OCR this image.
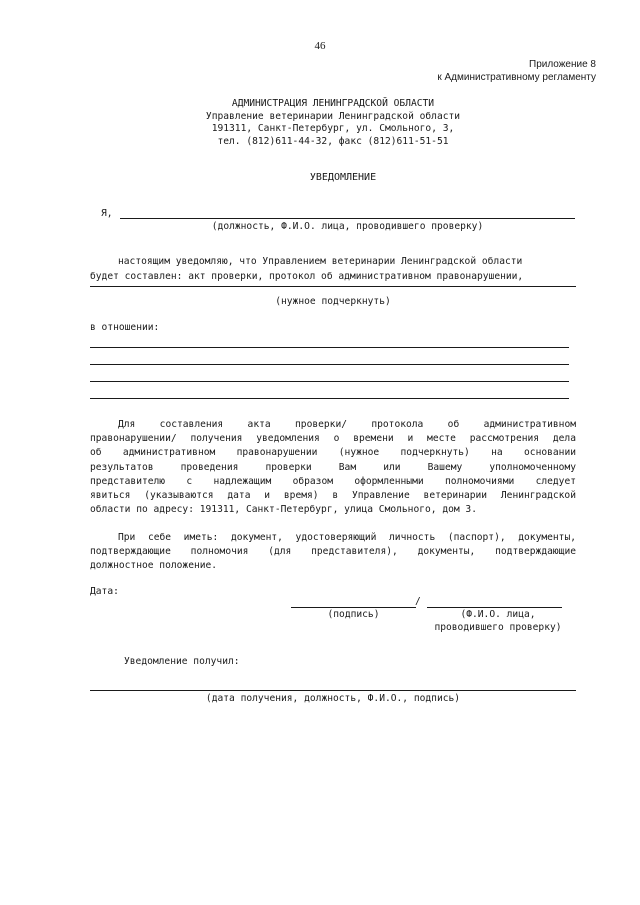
46
Приложение 8
к Административному регламенту
АДМИНИСТРАЦИЯ ЛЕНИНГРАДСКОЙ ОБЛАСТИ
Управление ветеринарии Ленинградской области
191311, Санкт-Петербург, ул. Смольного, 3,
тел. (812)611-44-32, факс (812)611-51-51
УВЕДОМЛЕНИЕ
Я,
(должность, Ф.И.О. лица, проводившего проверку)
настоящим уведомляю, что Управлением ветеринарии Ленинградской области
будет составлен: акт проверки, протокол об административном правонарушении,
(нужное подчеркнуть)
в отношении:
Для составления акта проверки/ протокола об административном
правонарушении/ получения уведомления о времени и месте рассмотрения дела
об административном правонарушении (нужное подчеркнуть) на основании
результатов проведения проверки Вам или Вашему уполномоченному
представителю с надлежащим образом оформленными полномочиями следует
явиться (указываются дата и время) в Управление ветеринарии Ленинградской
области по адресу: 191311, Санкт-Петербург, улица Смольного, дом 3.
При себе иметь: документ, удостоверяющий личность (паспорт), документы,
подтверждающие полномочия (для представителя), документы, подтверждающие
должностное положение.
Дата:
/
(подпись)	(Ф.И.О. лица,
проводившего проверку)
Уведомление получил:
(дата получения, должность, Ф.И.О., подпись)
